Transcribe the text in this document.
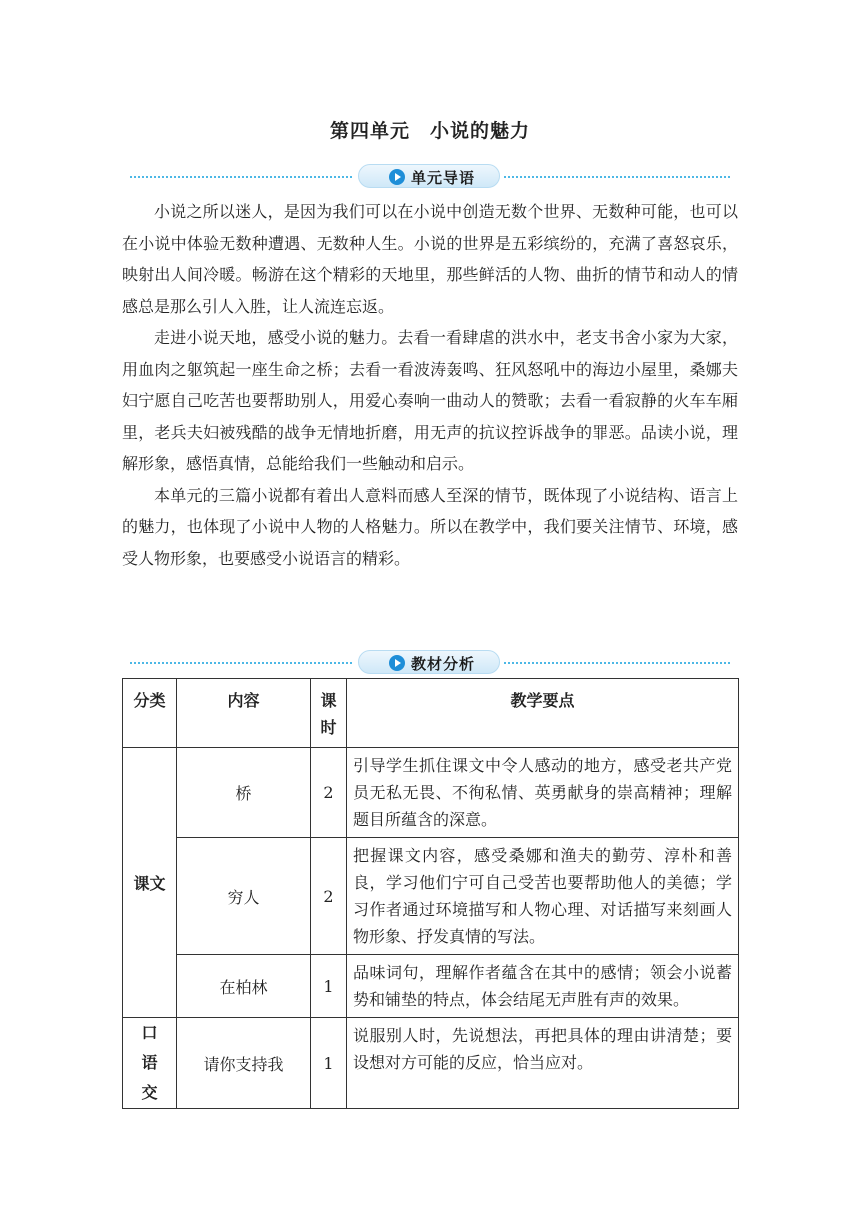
第四单元　小说的魅力
单元导语

小说之所以迷人，是因为我们可以在小说中创造无数个世界、无数种可能，也可以在小说中体验无数种遭遇、无数种人生。小说的世界是五彩缤纷的，充满了喜怒哀乐，映射出人间冷暖。畅游在这个精彩的天地里，那些鲜活的人物、曲折的情节和动人的情感总是那么引人入胜，让人流连忘返。

走进小说天地，感受小说的魅力。去看一看肆虐的洪水中，老支书舍小家为大家，用血肉之躯筑起一座生命之桥；去看一看波涛轰鸣、狂风怒吼中的海边小屋里，桑娜夫妇宁愿自己吃苦也要帮助别人，用爱心奏响一曲动人的赞歌；去看一看寂静的火车车厢里，老兵夫妇被残酷的战争无情地折磨，用无声的抗议控诉战争的罪恶。品读小说，理解形象，感悟真情，总能给我们一些触动和启示。

本单元的三篇小说都有着出人意料而感人至深的情节，既体现了小说结构、语言上的魅力，也体现了小说中人物的人格魅力。所以在教学中，我们要关注情节、环境，感受人物形象，也要感受小说语言的精彩。

教材分析
分类	内容	课时	教学要点
课文	桥	2	引导学生抓住课文中令人感动的地方，感受老共产党员无私无畏、不徇私情、英勇献身的崇高精神；理解题目所蕴含的深意。
	穷人	2	把握课文内容，感受桑娜和渔夫的勤劳、淳朴和善良，学习他们宁可自己受苦也要帮助他人的美德；学习作者通过环境描写和人物心理、对话描写来刻画人物形象、抒发真情的写法。
	在柏林	1	品味词句，理解作者蕴含在其中的感情；领会小说蓄势和铺垫的特点，体会结尾无声胜有声的效果。
口语交	请你支持我	1	说服别人时，先说想法，再把具体的理由讲清楚；要设想对方可能的反应，恰当应对。
